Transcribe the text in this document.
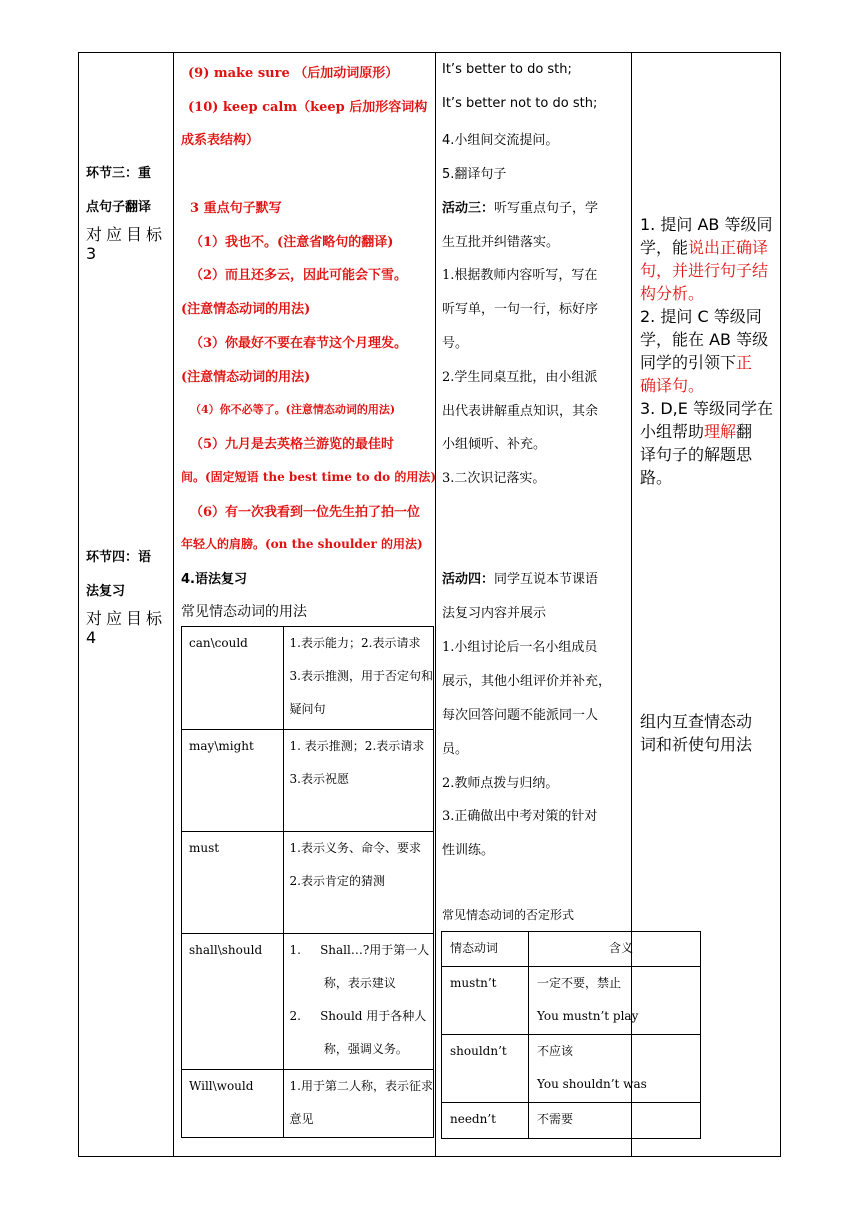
环节三：重
点句子翻译
对应目标
3
环节四：语
法复习
对应目标
4
(9) make sure （后加动词原形）
(10) keep calm（keep 后加形容词构
成系表结构）
3 重点句子默写
（1）我也不。(注意省略句的翻译)
（2）而且还多云，因此可能会下雪。
(注意情态动词的用法)
（3）你最好不要在春节这个月理发。
(注意情态动词的用法)
（4）你不必等了。(注意情态动词的用法)
（5）九月是去英格兰游览的最佳时
间。(固定短语 the best time to do 的用法)
（6）有一次我看到一位先生拍了拍一位
年轻人的肩膀。(on the shoulder 的用法)
4.语法复习
常见情态动词的用法
can\could	1.表示能力；2.表示请求
3.表示推测，用于否定句和
疑问句

may\might	1. 表示推测；2.表示请求
3.表示祝愿

must	1.表示义务、命令、要求
2.表示肯定的猜测

shall\should	1.     Shall…?用于第一人
称，表示建议
2.     Should 用于各种人
称，强调义务。

Will\would	1.用于第二人称，表示征求
意见
It’s better to do sth;
It’s better not to do sth;
4.小组间交流提问。
5.翻译句子
活动三：听写重点句子，学
生互批并纠错落实。
1.根据教师内容听写，写在
听写单，一句一行，标好序
号。
2.学生同桌互批，由小组派
出代表讲解重点知识，其余
小组倾听、补充。
3.二次识记落实。
活动四：同学互说本节课语
法复习内容并展示
1.小组讨论后一名小组成员
展示，其他小组评价并补充，
每次回答问题不能派同一人
员。
2.教师点拨与归纳。
3.正确做出中考对策的针对
性训练。
常见情态动词的否定形式
情态动词	含义

mustn’t	一定不要，禁止
You mustn’t play

shouldn’t	不应该
You shouldn’t was

needn’t	不需要
1. 提问 AB 等级同
学，能说出正确译
句，并进行句子结
构分析。
2. 提问 C 等级同
学，能在 AB 等级
同学的引领下正
确译句。
3. D,E 等级同学在
小组帮助理解翻
译句子的解题思
路。
组内互查情态动
词和祈使句用法
